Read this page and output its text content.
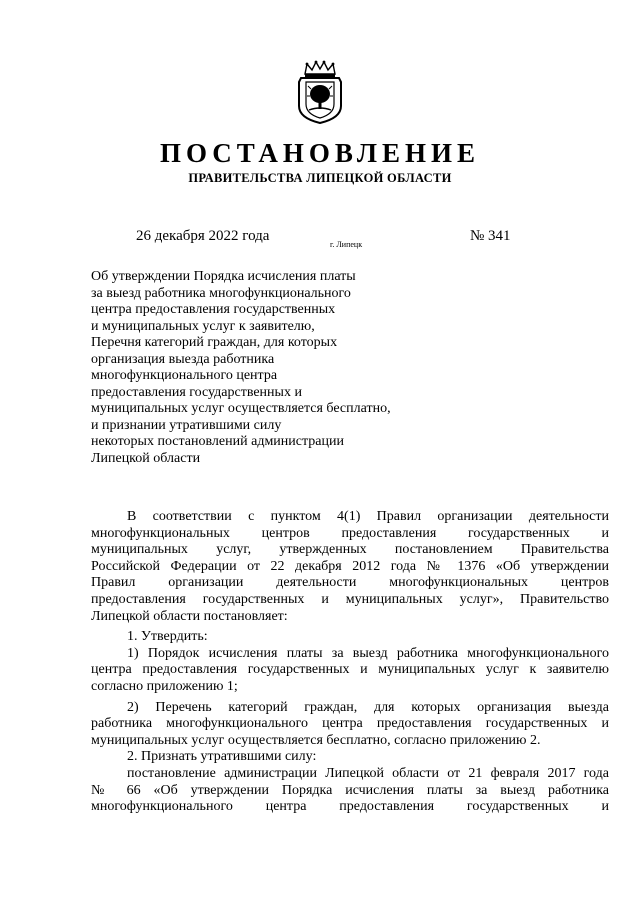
ПОСТАНОВЛЕНИЕ
ПРАВИТЕЛЬСТВА ЛИПЕЦКОЙ ОБЛАСТИ
26 декабря 2022 года
г. Липецк
№ 341
Об утверждении Порядка исчисления платы
за выезд работника многофункционального
центра предоставления государственных
и муниципальных услуг к заявителю,
Перечня категорий граждан, для которых
организация выезда работника
многофункционального центра
предоставления государственных и
муниципальных услуг осуществляется бесплатно,
и признании утратившими силу
некоторых постановлений администрации
Липецкой области
В соответствии с пунктом 4(1) Правил организации деятельности
многофункциональных центров предоставления государственных и
муниципальных услуг, утвержденных постановлением Правительства
Российской Федерации от 22 декабря 2012 года № 1376 «Об утверждении
Правил организации деятельности многофункциональных центров
предоставления государственных и муниципальных услуг», Правительство
Липецкой области постановляет:
1. Утвердить:
1) Порядок исчисления платы за выезд работника многофункционального
центра предоставления государственных и муниципальных услуг к заявителю
согласно приложению 1;
2) Перечень категорий граждан, для которых организация выезда
работника многофункционального центра предоставления государственных и
муниципальных услуг осуществляется бесплатно, согласно приложению 2.
2. Признать утратившими силу:
постановление администрации Липецкой области от 21 февраля 2017 года
№ 66 «Об утверждении Порядка исчисления платы за выезд работника
многофункционального центра предоставления государственных и
